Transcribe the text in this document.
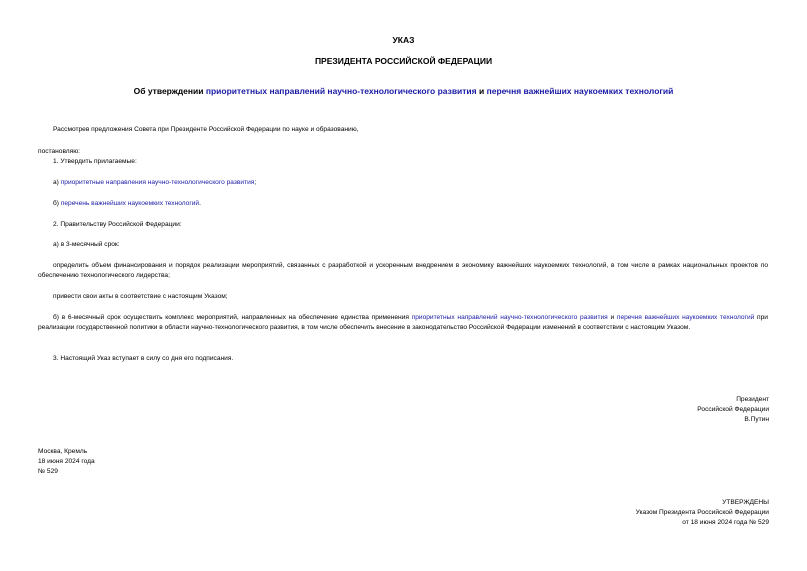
УКАЗ
ПРЕЗИДЕНТА РОССИЙСКОЙ ФЕДЕРАЦИИ
Об утверждении приоритетных направлений научно-технологического развития и перечня важнейших наукоемких технологий
Рассмотрев предложения Совета при Президенте Российской Федерации по науке и образованию,
постановляю:
1. Утвердить прилагаемые:
а) приоритетные направления научно-технологического развития;
б) перечень важнейших наукоемких технологий.
2. Правительству Российской Федерации:
а) в 3-месячный срок:
определить объем финансирования и порядок реализации мероприятий, связанных с разработкой и ускоренным внедрением в экономику важнейших наукоемких технологий, в том числе в рамках национальных проектов по обеспечению технологического лидерства;
привести свои акты в соответствие с настоящим Указом;
б) в 6-месячный срок осуществить комплекс мероприятий, направленных на обеспечение единства применения приоритетных направлений научно-технологического развития и перечня важнейших наукоемких технологий при реализации государственной политики в области научно-технологического развития, в том числе обеспечить внесение в законодательство Российской Федерации изменений в соответствии с настоящим Указом.
3. Настоящий Указ вступает в силу со дня его подписания.
Президент
Российской Федерации
В.Путин
Москва, Кремль
18 июня 2024 года
№ 529
УТВЕРЖДЕНЫ
Указом Президента Российской Федерации
от 18 июня 2024 года № 529
